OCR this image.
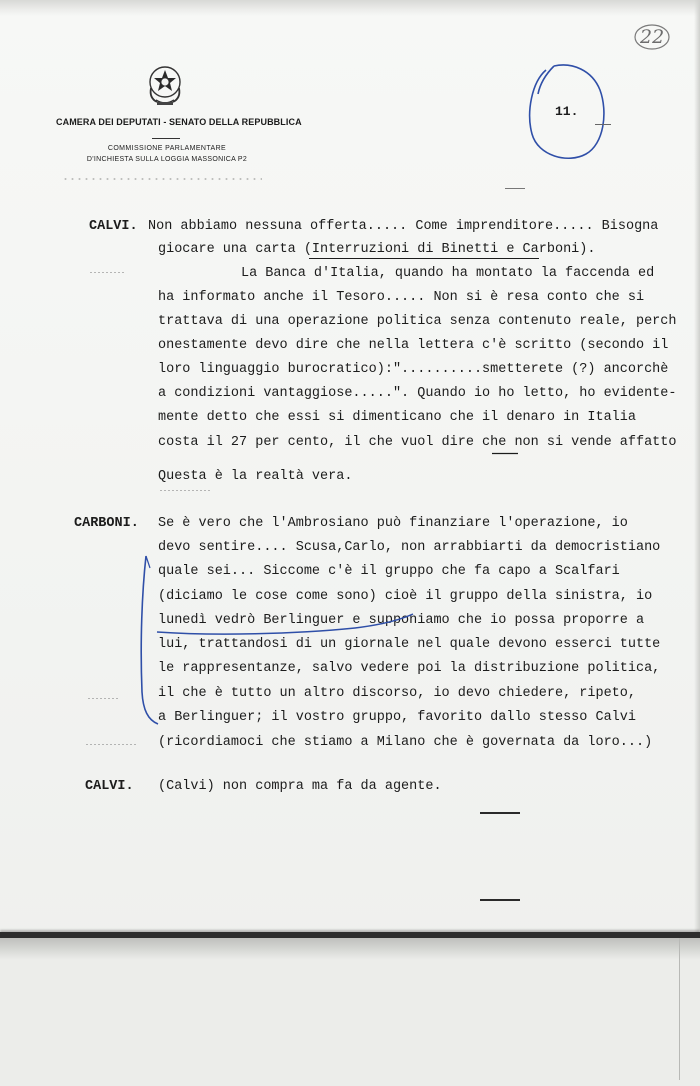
22
CAMERA DEI DEPUTATI - SENATO DELLA REPUBBLICA
COMMISSIONE PARLAMENTARE
D'INCHIESTA SULLA LOGGIA MASSONICA P2
11.
CALVI. Non abbiamo nessuna offerta..... Come imprenditore..... Bisogna
giocare una carta (Interruzioni di Binetti e Carboni).
La Banca d'Italia, quando ha montato la faccenda ed
ha informato anche il Tesoro..... Non si è resa conto che si
trattava di una operazione politica senza contenuto reale, perch
onestamente devo dire che nella lettera c'è scritto (secondo il
loro linguaggio burocratico):"..........smetterete (?) ancorchè
a condizioni vantaggiose.....". Quando io ho letto, ho evidente-
mente detto che essi si dimenticano che il denaro in Italia
costa il 27 per cento, il che vuol dire che non si vende affatto
Questa è la realtà vera.
CARBONI. Se è vero che l'Ambrosiano può finanziare l'operazione, io
devo sentire.... Scusa,Carlo, non arrabbiarti da democristiano
quale sei... Siccome c'è il gruppo che fa capo a Scalfari
(diciamo le cose come sono) cioè il gruppo della sinistra, io
lunedì vedrò Berlinguer e supponiamo che io possa proporre a
lui, trattandosi di un giornale nel quale devono esserci tutte
le rappresentanze, salvo vedere poi la distribuzione politica,
il che è tutto un altro discorso, io devo chiedere, ripeto,
a Berlinguer; il vostro gruppo, favorito dallo stesso Calvi
(ricordiamoci che stiamo a Milano che è governata da loro...)
CALVI. (Calvi) non compra ma fa da agente.
